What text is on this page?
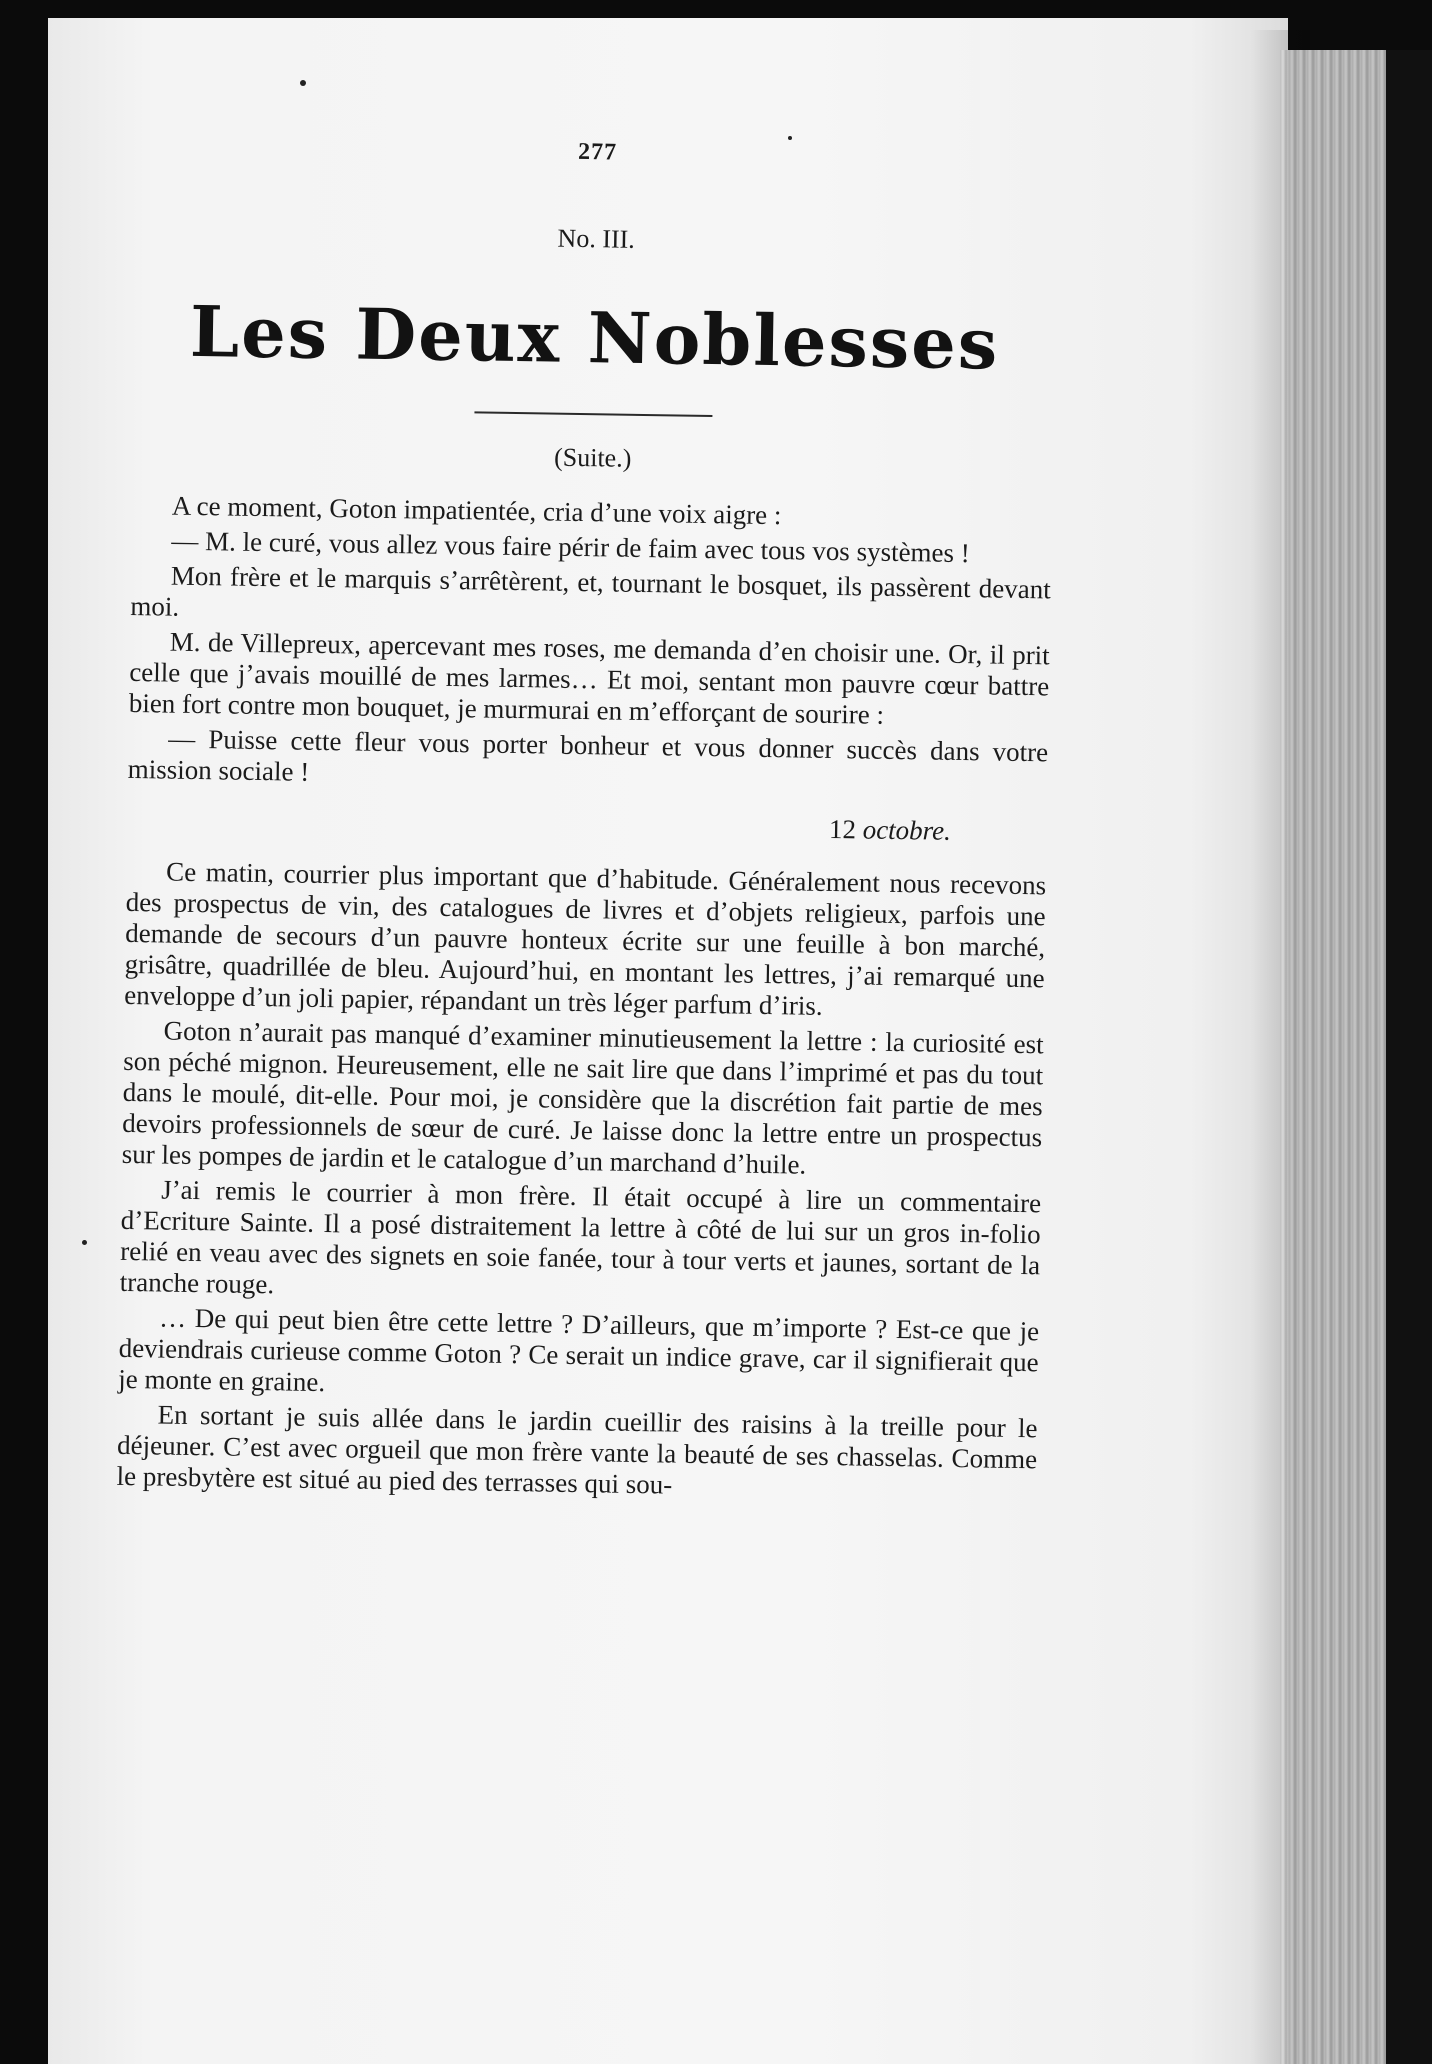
277
No. III.
Les Deux Noblesses
(Suite.)

A ce moment, Goton impatientée, cria d’une voix aigre :

— M. le curé, vous allez vous faire périr de faim avec tous vos systèmes !

Mon frère et le marquis s’arrêtèrent, et, tournant le bosquet, ils passèrent devant moi.

M. de Villepreux, apercevant mes roses, me demanda d’en choisir une. Or, il prit celle que j’avais mouillé de mes larmes… Et moi, sentant mon pauvre cœur battre bien fort contre mon bouquet, je murmurai en m’efforçant de sourire :

— Puisse cette fleur vous porter bonheur et vous donner succès dans votre mission sociale !

12 octobre.

Ce matin, courrier plus important que d’habitude. Généralement nous recevons des prospectus de vin, des catalogues de livres et d’objets religieux, parfois une demande de secours d’un pauvre honteux écrite sur une feuille à bon marché, grisâtre, quadrillée de bleu. Aujourd’hui, en montant les lettres, j’ai remarqué une enveloppe d’un joli papier, répandant un très léger parfum d’iris.

Goton n’aurait pas manqué d’examiner minutieusement la lettre : la curiosité est son péché mignon. Heureusement, elle ne sait lire que dans l’imprimé et pas du tout dans le moulé, dit-elle. Pour moi, je considère que la discrétion fait partie de mes devoirs professionnels de sœur de curé. Je laisse donc la lettre entre un prospectus sur les pompes de jardin et le catalogue d’un marchand d’huile.

J’ai remis le courrier à mon frère. Il était occupé à lire un commentaire d’Ecriture Sainte. Il a posé distraitement la lettre à côté de lui sur un gros in-folio relié en veau avec des signets en soie fanée, tour à tour verts et jaunes, sortant de la tranche rouge.

… De qui peut bien être cette lettre ? D’ailleurs, que m’importe ? Est-ce que je deviendrais curieuse comme Goton ? Ce serait un indice grave, car il signifierait que je monte en graine.

En sortant je suis allée dans le jardin cueillir des raisins à la treille pour le déjeuner. C’est avec orgueil que mon frère vante la beauté de ses chasselas. Comme le presbytère est situé au pied des terrasses qui sou-
